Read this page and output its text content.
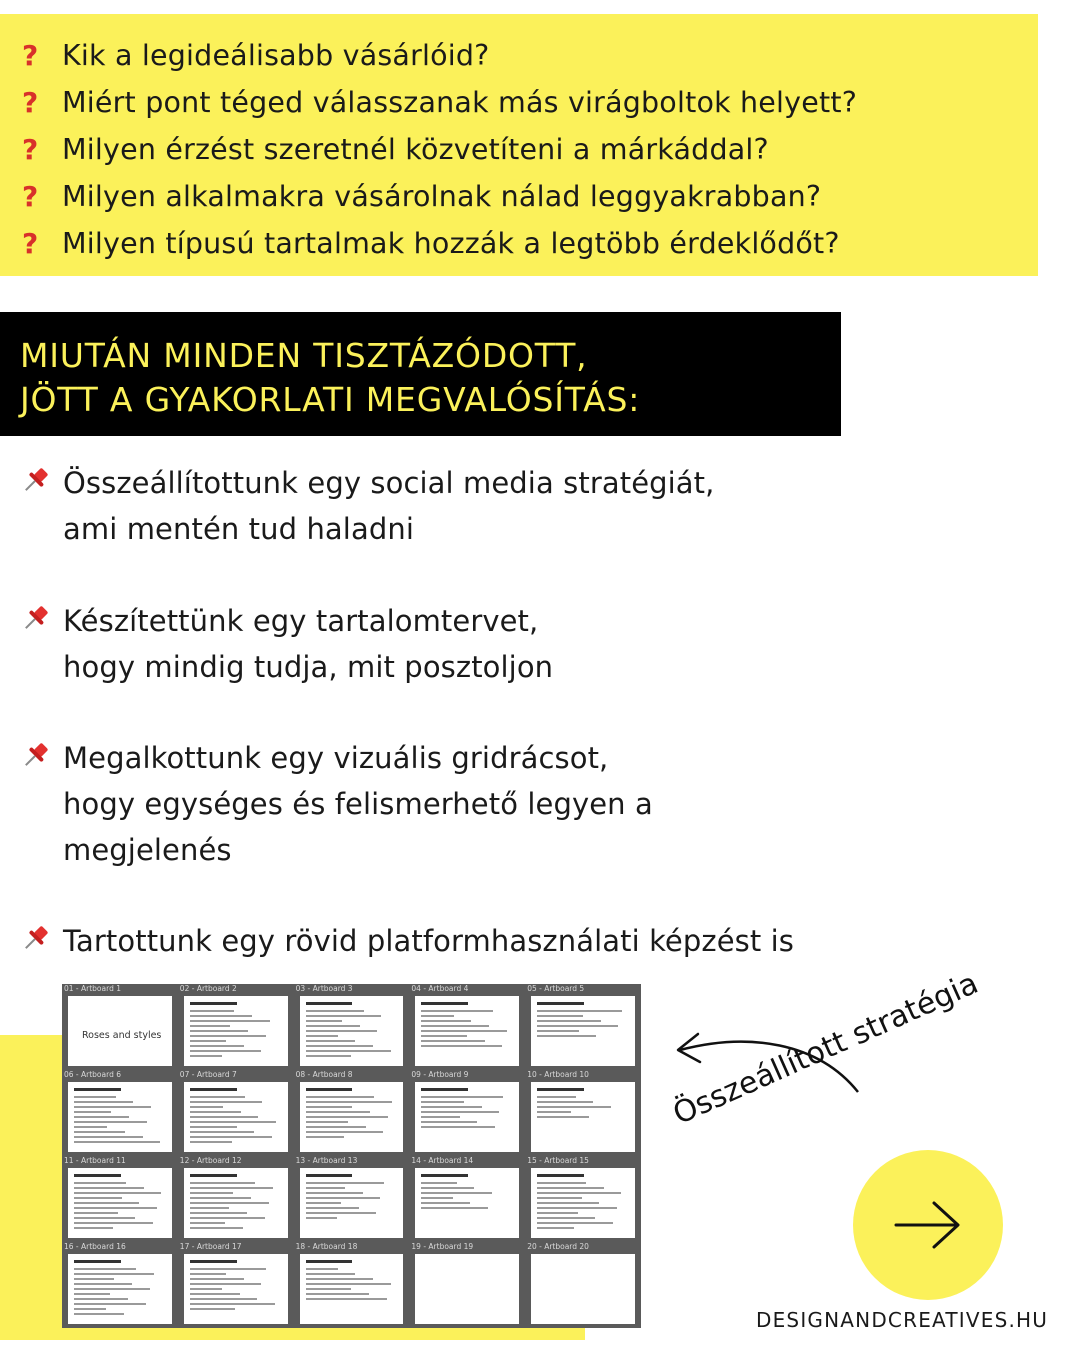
? Kik a legideálisabb vásárlóid?
? Miért pont téged válasszanak más virágboltok helyett?
? Milyen érzést szeretnél közvetíteni a márkáddal?
? Milyen alkalmakra vásárolnak nálad leggyakrabban?
? Milyen típusú tartalmak hozzák a legtöbb érdeklődőt?
MIUTÁN MINDEN TISZTÁZÓDOTT,
JÖTT A GYAKORLATI MEGVALÓSÍTÁS:
Összeállítottunk egy social media stratégiát,
ami mentén tud haladni
Készítettünk egy tartalomtervet,
hogy mindig tudja, mit posztoljon
Megalkottunk egy vizuális gridrácsot,
hogy egységes és felismerhető legyen a
megjelenés
Tartottunk egy rövid platformhasználati képzést is
01 - Artboard 1
Roses and styles
02 - Artboard 2	03 - Artboard 3	04 - Artboard 4	05 - Artboard 5
06 - Artboard 6	07 - Artboard 7	08 - Artboard 8	09 - Artboard 9	10 - Artboard 10
11 - Artboard 11	12 - Artboard 12	13 - Artboard 13	14 - Artboard 14	15 - Artboard 15
16 - Artboard 16	17 - Artboard 17	18 - Artboard 18	19 - Artboard 19	20 - Artboard 20
Összeállított stratégia
DESIGNANDCREATIVES.HU
